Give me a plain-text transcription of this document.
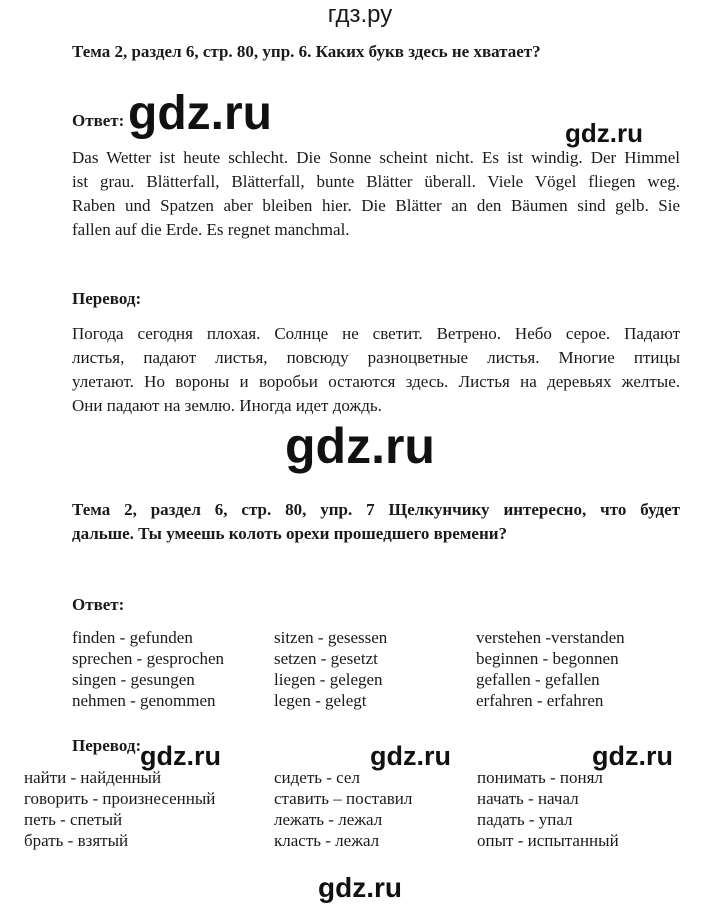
гдз.ру
Тема 2, раздел 6, стр. 80, упр. 6. Каких букв здесь не хватает?
Ответ: gdz.ru	gdz.ru
Das Wetter ist heute schlecht. Die Sonne scheint nicht. Es ist windig. Der Himmel
ist grau. Blätterfall, Blätterfall, bunte Blätter überall. Viele Vögel fliegen weg.
Raben und Spatzen aber bleiben hier. Die Blätter an den Bäumen sind gelb. Sie
fallen auf die Erde. Es regnet manchmal.
Перевод:
Погода сегодня плохая. Солнце не светит. Ветрено. Небо серое. Падают
листья, падают листья, повсюду разноцветные листья. Многие птицы
улетают. Но вороны и воробьи остаются здесь. Листья на деревьях желтые.
Они падают на землю. Иногда идет дождь.
gdz.ru
Тема 2, раздел 6, стр. 80, упр. 7 Щелкунчику интересно, что будет
дальше. Ты умеешь колоть орехи прошедшего времени?
Ответ:
finden - gefunden	sitzen - gesessen	verstehen -verstanden
sprechen - gesprochen	setzen - gesetzt	beginnen - begonnen
singen - gesungen	liegen - gelegen	gefallen - gefallen
nehmen - genommen	legen - gelegt	erfahren - erfahren
Перевод:
gdz.ru	gdz.ru	gdz.ru
найти - найденный	сидеть - сел	понимать - понял
говорить - произнесенный	ставить – поставил	начать - начал
петь - спетый	лежать - лежал	падать - упал
брать - взятый	класть - лежал	опыт - испытанный
gdz.ru
